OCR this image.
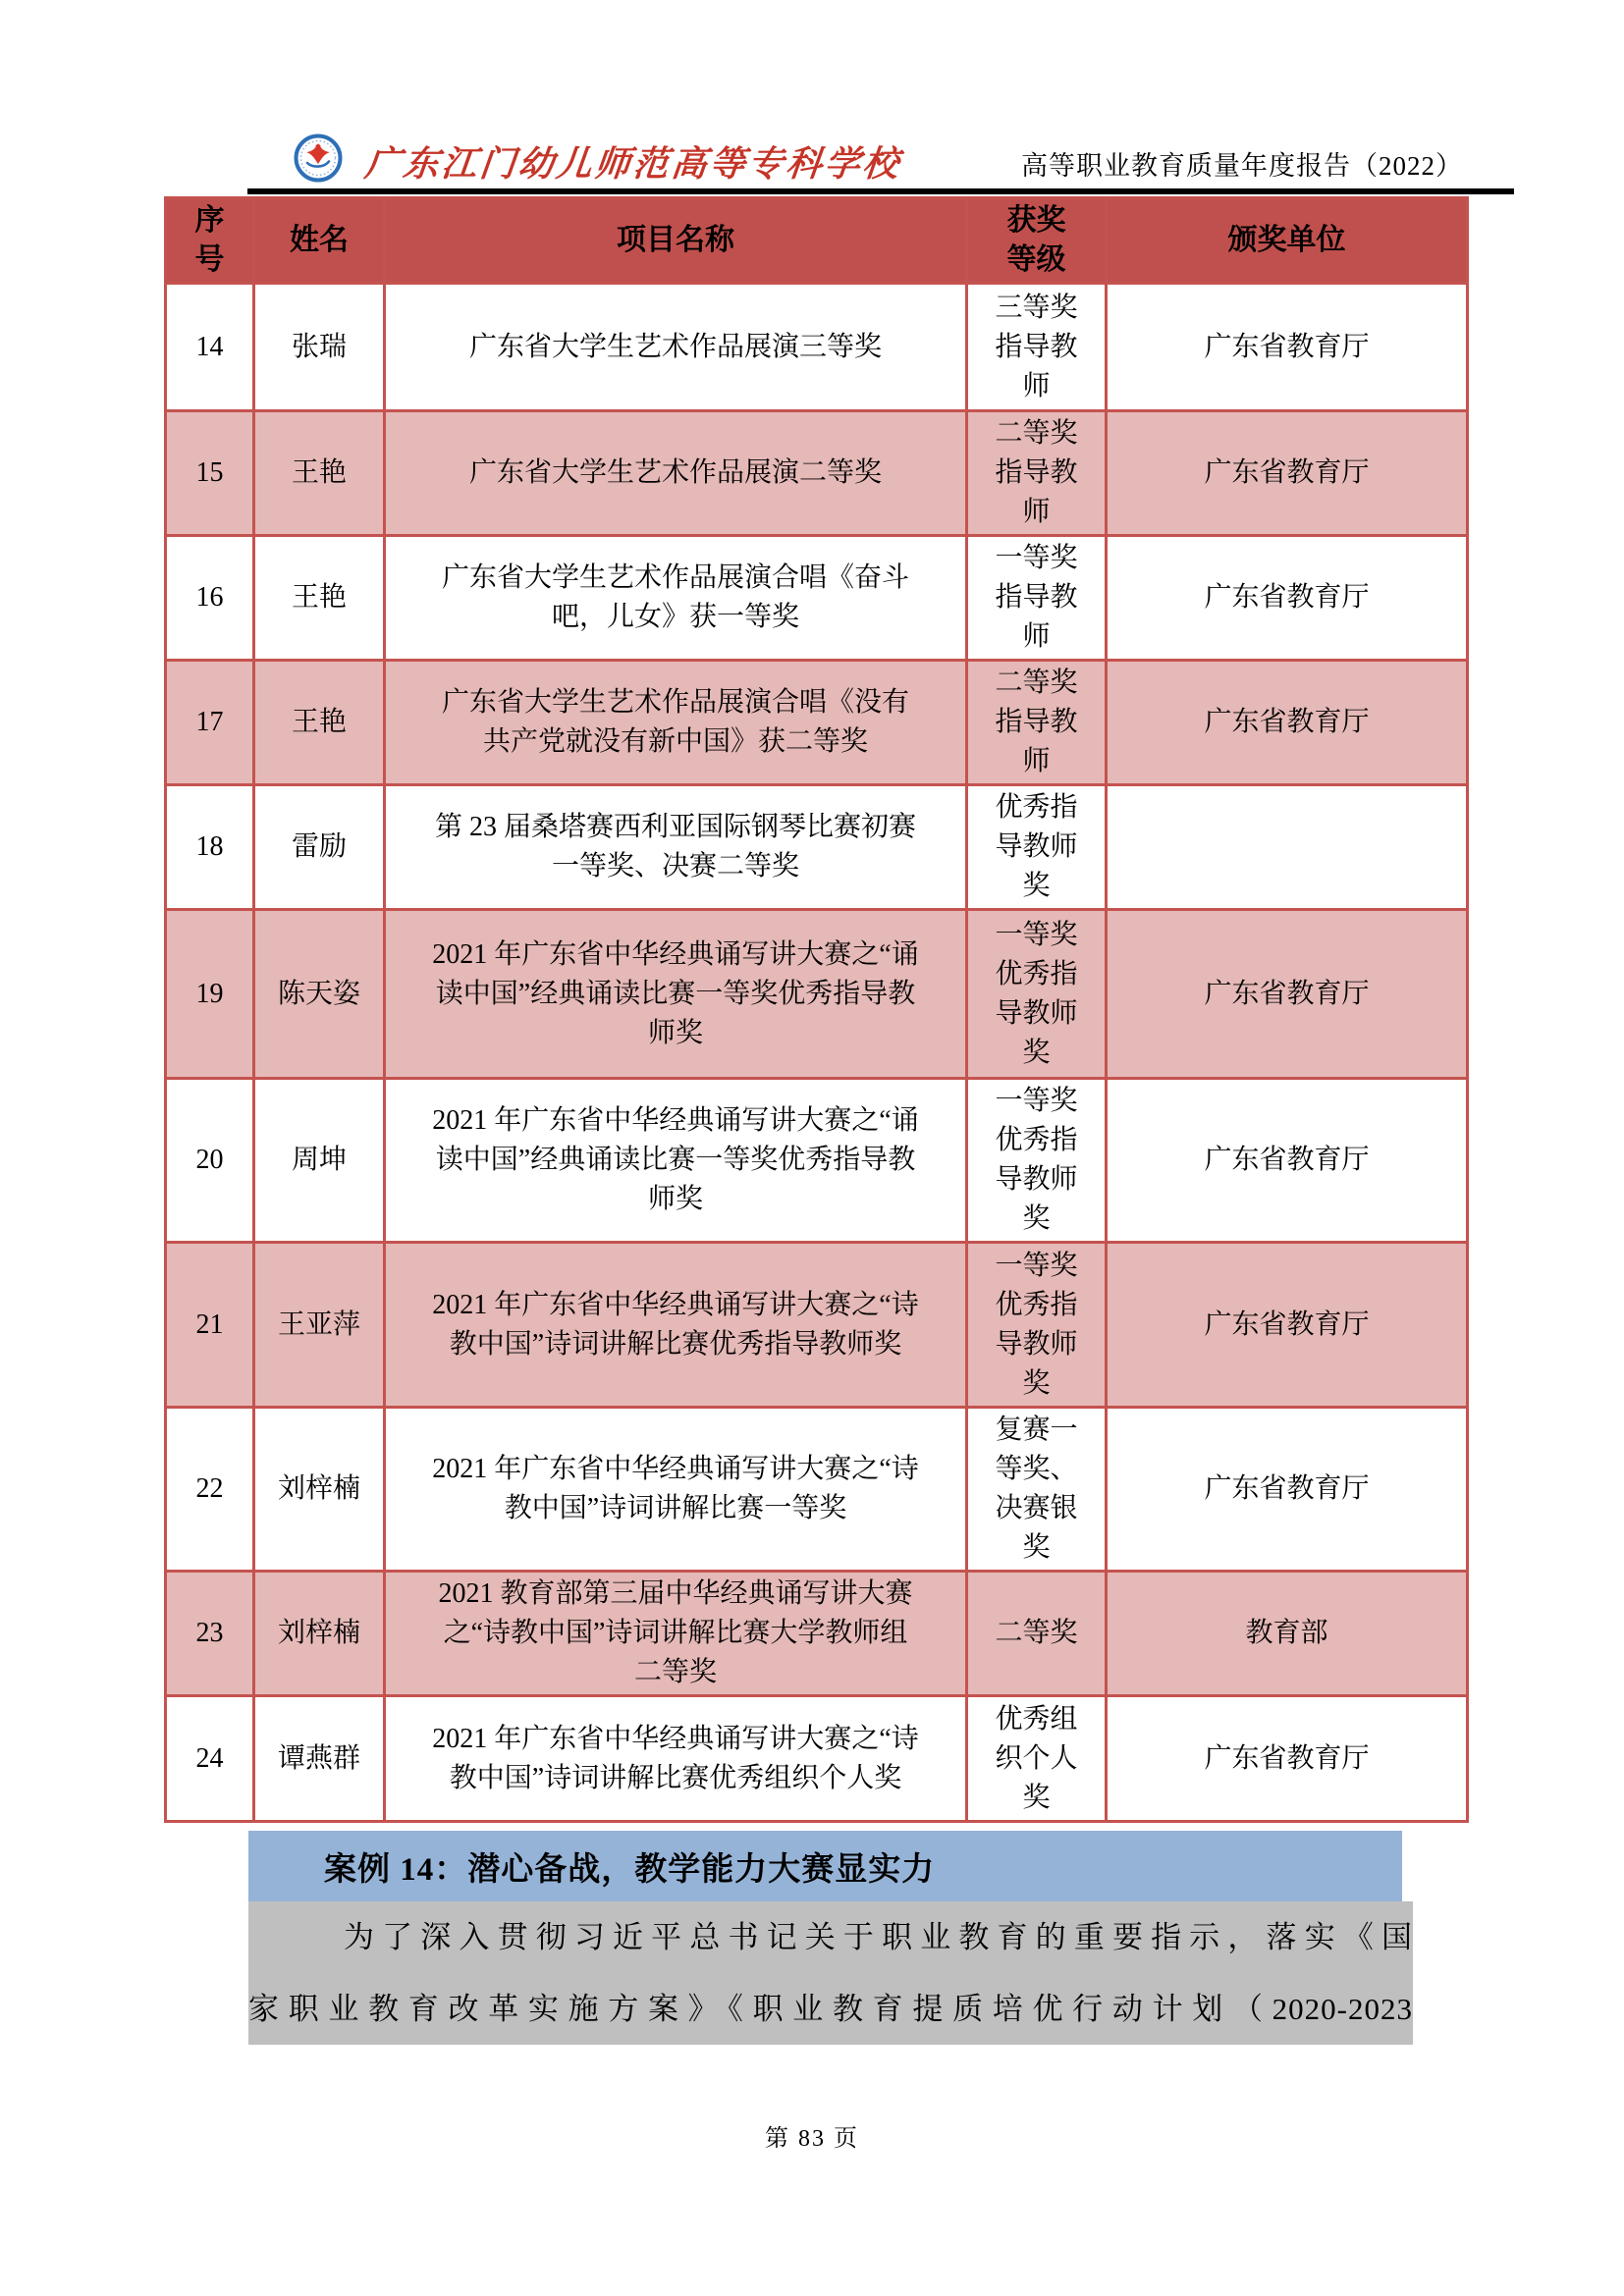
广东江门幼儿师范高等专科学校	高等职业教育质量年度报告（2022）
序号	姓名	项目名称	获奖等级	颁奖单位
14	张瑞	广东省大学生艺术作品展演三等奖	三等奖指导教师	广东省教育厅
15	王艳	广东省大学生艺术作品展演二等奖	二等奖指导教师	广东省教育厅
16	王艳	广东省大学生艺术作品展演合唱《奋斗吧，儿女》获一等奖	一等奖指导教师	广东省教育厅
17	王艳	广东省大学生艺术作品展演合唱《没有共产党就没有新中国》获二等奖	二等奖指导教师	广东省教育厅
18	雷励	第 23 届桑塔赛西利亚国际钢琴比赛初赛一等奖、决赛二等奖	优秀指导教师奖	
19	陈天姿	2021 年广东省中华经典诵写讲大赛之“诵读中国”经典诵读比赛一等奖优秀指导教师奖	一等奖优秀指导教师奖	广东省教育厅
20	周坤	2021 年广东省中华经典诵写讲大赛之“诵读中国”经典诵读比赛一等奖优秀指导教师奖	一等奖优秀指导教师奖	广东省教育厅
21	王亚萍	2021 年广东省中华经典诵写讲大赛之“诗教中国”诗词讲解比赛优秀指导教师奖	一等奖优秀指导教师奖	广东省教育厅
22	刘梓楠	2021 年广东省中华经典诵写讲大赛之“诗教中国”诗词讲解比赛一等奖	复赛一等奖、决赛银奖	广东省教育厅
23	刘梓楠	2021 教育部第三届中华经典诵写讲大赛之“诗教中国”诗词讲解比赛大学教师组二等奖	二等奖	教育部
24	谭燕群	2021 年广东省中华经典诵写讲大赛之“诗教中国”诗词讲解比赛优秀组织个人奖	优秀组织个人奖	广东省教育厅
案例 14：潜心备战，教学能力大赛显实力
为了深入贯彻习近平总书记关于职业教育的重要指示，落实《国
家职业教育改革实施方案》《职业教育提质培优行动计划（2020-2023
第 83 页
